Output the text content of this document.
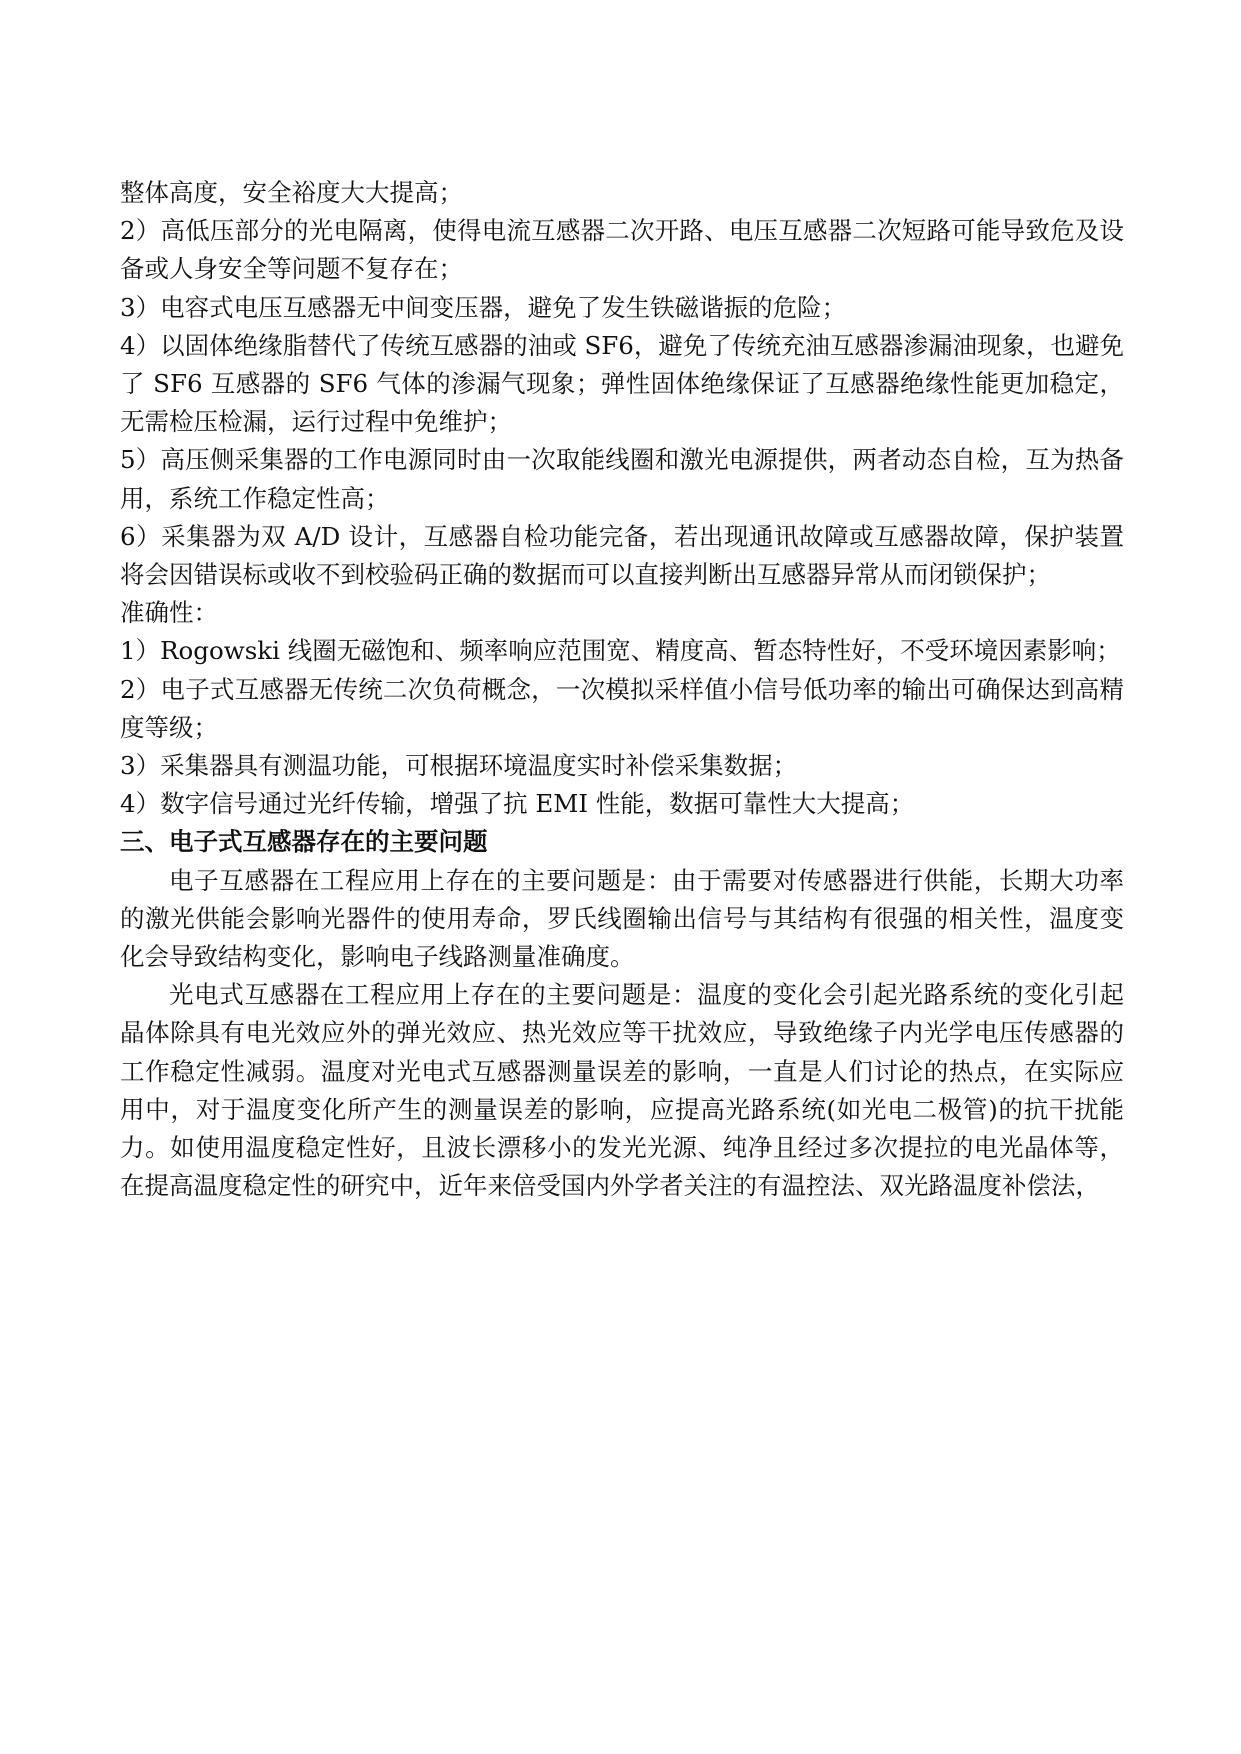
整体高度，安全裕度大大提高；
2）高低压部分的光电隔离，使得电流互感器二次开路、电压互感器二次短路可能导致危及设备或人身安全等问题不复存在；
3）电容式电压互感器无中间变压器，避免了发生铁磁谐振的危险；
4）以固体绝缘脂替代了传统互感器的油或 SF6，避免了传统充油互感器渗漏油现象，也避免了 SF6 互感器的 SF6 气体的渗漏气现象；弹性固体绝缘保证了互感器绝缘性能更加稳定，无需检压检漏，运行过程中免维护；
5）高压侧采集器的工作电源同时由一次取能线圈和激光电源提供，两者动态自检，互为热备用，系统工作稳定性高；
6）采集器为双 A/D 设计，互感器自检功能完备，若出现通讯故障或互感器故障，保护装置将会因错误标或收不到校验码正确的数据而可以直接判断出互感器异常从而闭锁保护；
准确性：
1）Rogowski 线圈无磁饱和、频率响应范围宽、精度高、暂态特性好，不受环境因素影响；
2）电子式互感器无传统二次负荷概念，一次模拟采样值小信号低功率的输出可确保达到高精度等级；
3）采集器具有测温功能，可根据环境温度实时补偿采集数据；
4）数字信号通过光纤传输，增强了抗 EMI 性能，数据可靠性大大提高；
三、电子式互感器存在的主要问题
电子互感器在工程应用上存在的主要问题是：由于需要对传感器进行供能，长期大功率的激光供能会影响光器件的使用寿命，罗氏线圈输出信号与其结构有很强的相关性，温度变化会导致结构变化，影响电子线路测量准确度。
光电式互感器在工程应用上存在的主要问题是：温度的变化会引起光路系统的变化引起晶体除具有电光效应外的弹光效应、热光效应等干扰效应，导致绝缘子内光学电压传感器的工作稳定性减弱。温度对光电式互感器测量误差的影响，一直是人们讨论的热点，在实际应用中，对于温度变化所产生的测量误差的影响，应提高光路系统(如光电二极管)的抗干扰能力。如使用温度稳定性好，且波长漂移小的发光光源、纯净且经过多次提拉的电光晶体等，在提高温度稳定性的研究中，近年来倍受国内外学者关注的有温控法、双光路温度补偿法，
